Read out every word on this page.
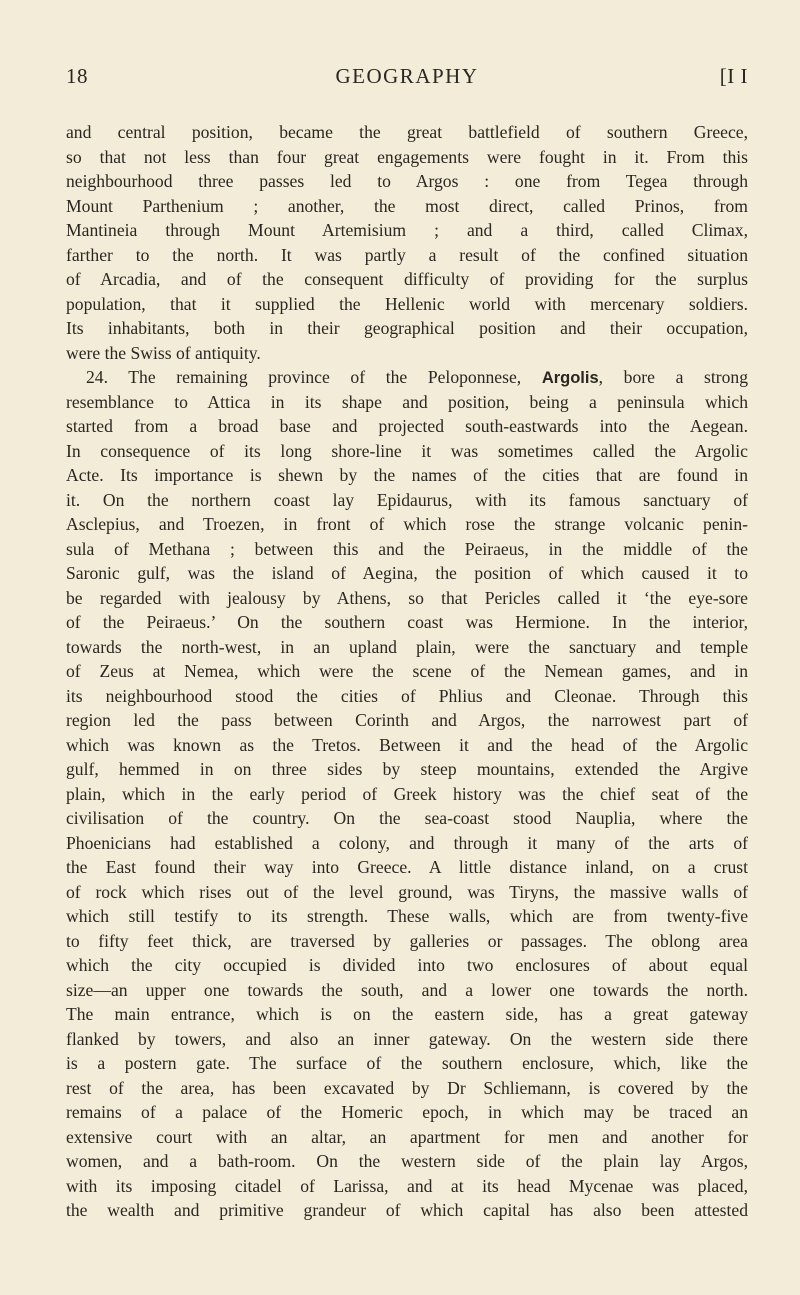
18	GEOGRAPHY	[I I
and central position, became the great battlefield of southern Greece,
so that not less than four great engagements were fought in it. From this
neighbourhood three passes led to Argos : one from Tegea through
Mount Parthenium ; another, the most direct, called Prinos, from
Mantineia through Mount Artemisium ; and a third, called Climax,
farther to the north. It was partly a result of the confined situation
of Arcadia, and of the consequent difficulty of providing for the surplus
population, that it supplied the Hellenic world with mercenary soldiers.
Its inhabitants, both in their geographical position and their occupation,
were the Swiss of antiquity.
24. The remaining province of the Peloponnese, Argolis, bore a strong
resemblance to Attica in its shape and position, being a peninsula which
started from a broad base and projected south-eastwards into the Aegean.
In consequence of its long shore-line it was sometimes called the Argolic
Acte. Its importance is shewn by the names of the cities that are found in
it. On the northern coast lay Epidaurus, with its famous sanctuary of
Asclepius, and Troezen, in front of which rose the strange volcanic penin-
sula of Methana ; between this and the Peiraeus, in the middle of the
Saronic gulf, was the island of Aegina, the position of which caused it to
be regarded with jealousy by Athens, so that Pericles called it ‘the eye-sore
of the Peiraeus.’ On the southern coast was Hermione. In the interior,
towards the north-west, in an upland plain, were the sanctuary and temple
of Zeus at Nemea, which were the scene of the Nemean games, and in
its neighbourhood stood the cities of Phlius and Cleonae. Through this
region led the pass between Corinth and Argos, the narrowest part of
which was known as the Tretos. Between it and the head of the Argolic
gulf, hemmed in on three sides by steep mountains, extended the Argive
plain, which in the early period of Greek history was the chief seat of the
civilisation of the country. On the sea-coast stood Nauplia, where the
Phoenicians had established a colony, and through it many of the arts of
the East found their way into Greece. A little distance inland, on a crust
of rock which rises out of the level ground, was Tiryns, the massive walls of
which still testify to its strength. These walls, which are from twenty-five
to fifty feet thick, are traversed by galleries or passages. The oblong area
which the city occupied is divided into two enclosures of about equal
size—an upper one towards the south, and a lower one towards the north.
The main entrance, which is on the eastern side, has a great gateway
flanked by towers, and also an inner gateway. On the western side there
is a postern gate. The surface of the southern enclosure, which, like the
rest of the area, has been excavated by Dr Schliemann, is covered by the
remains of a palace of the Homeric epoch, in which may be traced an
extensive court with an altar, an apartment for men and another for
women, and a bath-room. On the western side of the plain lay Argos,
with its imposing citadel of Larissa, and at its head Mycenae was placed,
the wealth and primitive grandeur of which capital has also been attested
